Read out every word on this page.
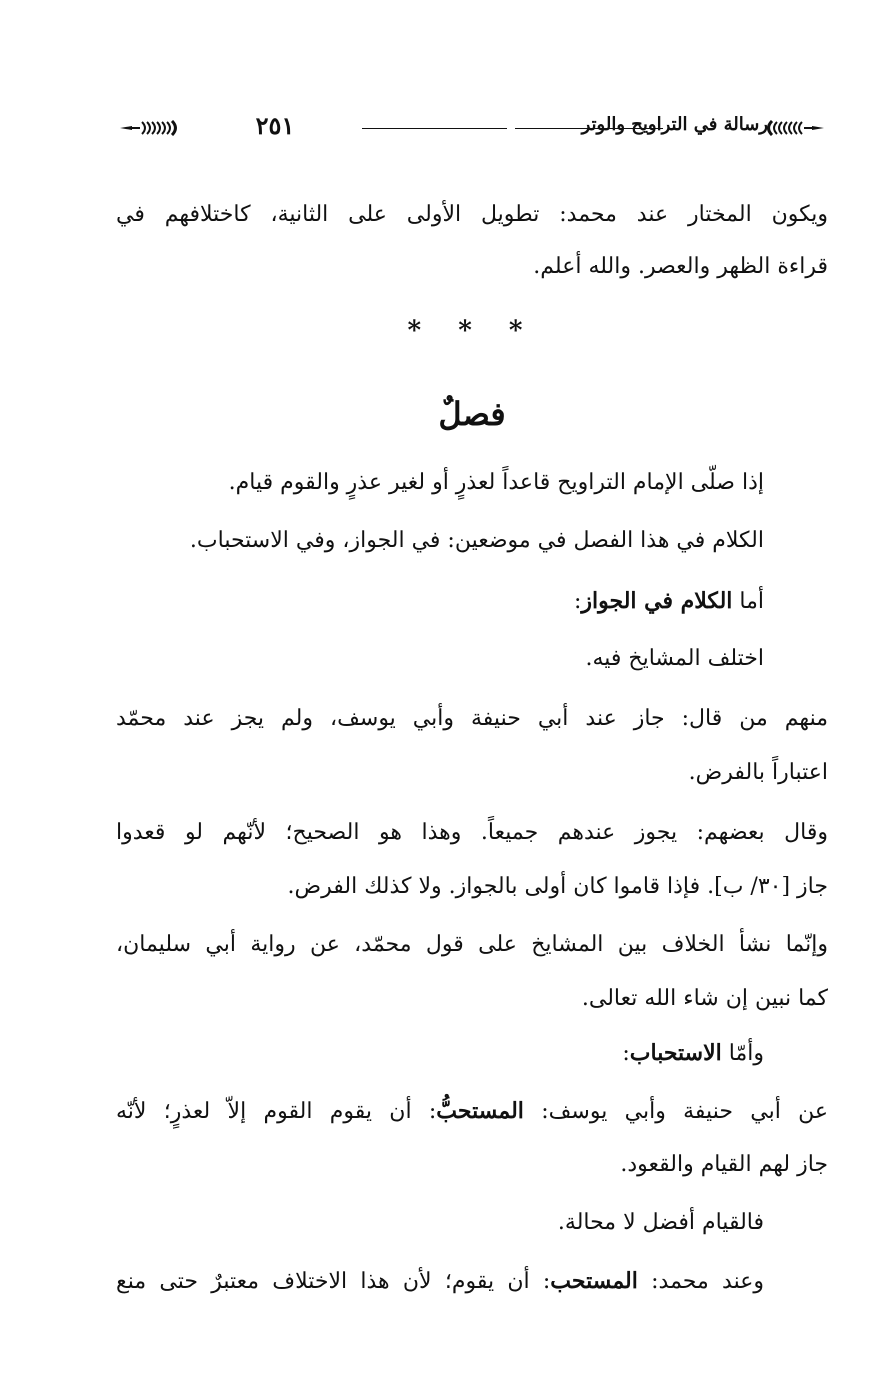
٢٥١	رسالة في التراويح والوتر
ويكون المختار عند محمد: تطويل الأولى على الثانية، كاختلافهم في
قراءة الظهر والعصر. والله أعلم.
* * *
فصلٌ
إذا صلّى الإمام التراويح قاعداً لعذرٍ أو لغير عذرٍ والقوم قيام.
الكلام في هذا الفصل في موضعين: في الجواز، وفي الاستحباب.
أما الكلام في الجواز:
اختلف المشايخ فيه.
منهم من قال: جاز عند أبي حنيفة وأبي يوسف، ولم يجز عند محمّد
اعتباراً بالفرض.
وقال بعضهم: يجوز عندهم جميعاً. وهذا هو الصحيح؛ لأنّهم لو قعدوا
جاز [٣٠/ ب]. فإذا قاموا كان أولى بالجواز. ولا كذلك الفرض.
وإنّما نشأ الخلاف بين المشايخ على قول محمّد، عن رواية أبي سليمان،
كما نبين إن شاء الله تعالى.
وأمّا الاستحباب:
عن أبي حنيفة وأبي يوسف: المستحبُّ: أن يقوم القوم إلاّ لعذرٍ؛ لأنّه
جاز لهم القيام والقعود.
فالقيام أفضل لا محالة.
وعند محمد: المستحب: أن يقوم؛ لأن هذا الاختلاف معتبرٌ حتى منع
